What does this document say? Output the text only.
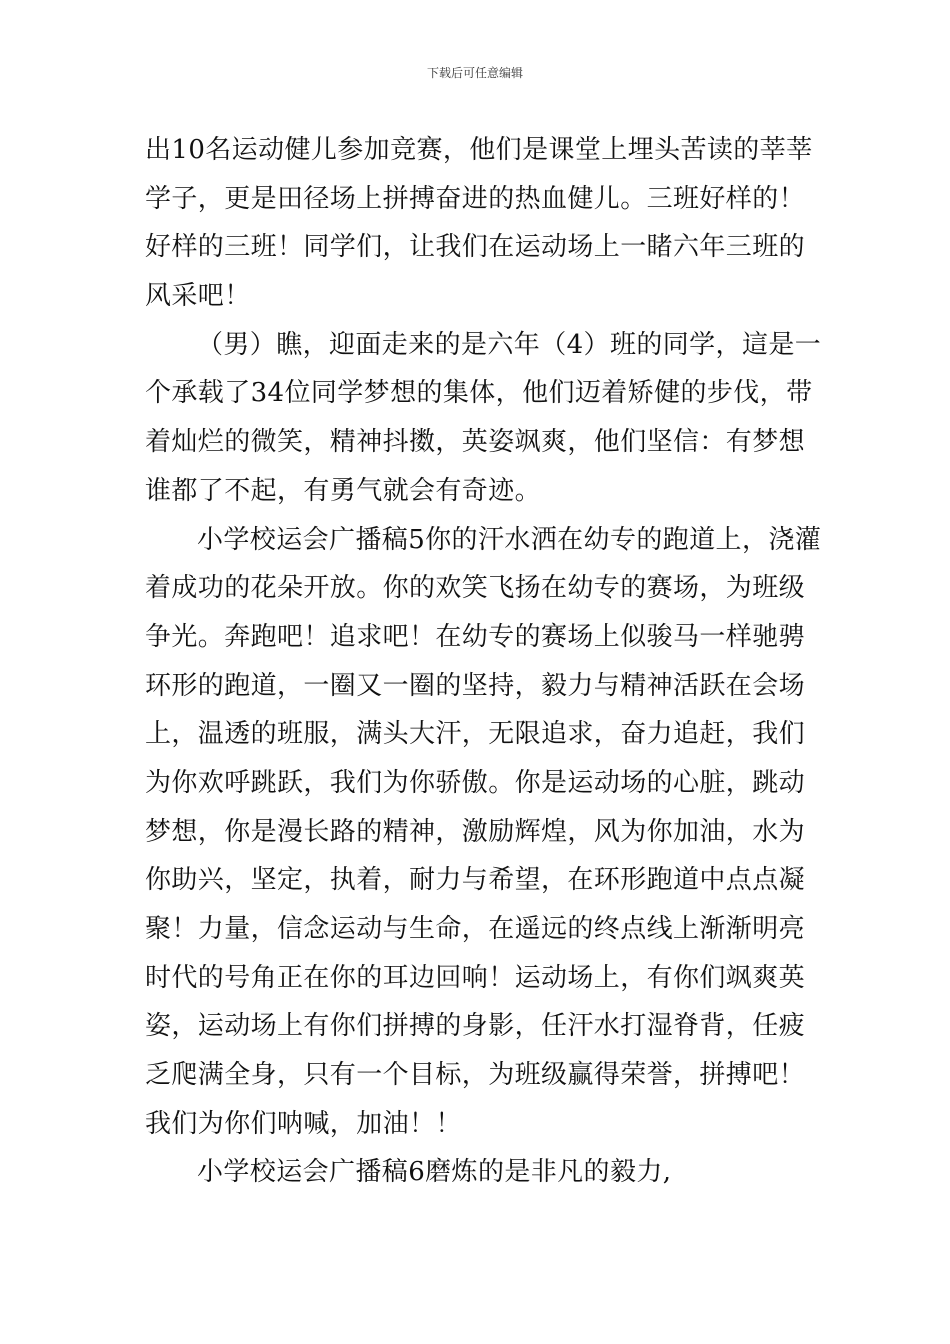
下载后可任意编辑
出10名运动健儿参加竞赛，他们是课堂上埋头苦读的莘莘
学子，更是田径场上拼搏奋进的热血健儿。三班好样的！
好样的三班！同学们，让我们在运动场上一睹六年三班的
风采吧！
（男）瞧，迎面走来的是六年（4）班的同学，這是一
个承载了34位同学梦想的集体，他们迈着矫健的步伐，带
着灿烂的微笑，精神抖擞，英姿飒爽，他们坚信：有梦想
谁都了不起，有勇气就会有奇迹。
小学校运会广播稿5你的汗水洒在幼专的跑道上，浇灌
着成功的花朵开放。你的欢笑飞扬在幼专的赛场，为班级
争光。奔跑吧！追求吧！在幼专的赛场上似骏马一样驰骋
环形的跑道，一圈又一圈的坚持，毅力与精神活跃在会场
上，温透的班服，满头大汗，无限追求，奋力追赶，我们
为你欢呼跳跃，我们为你骄傲。你是运动场的心脏，跳动
梦想，你是漫长路的精神，激励辉煌，风为你加油，水为
你助兴，坚定，执着，耐力与希望，在环形跑道中点点凝
聚！力量，信念运动与生命，在遥远的终点线上渐渐明亮
时代的号角正在你的耳边回响！运动场上，有你们飒爽英
姿，运动场上有你们拼搏的身影，任汗水打湿脊背，任疲
乏爬满全身，只有一个目标，为班级赢得荣誉，拼搏吧！
我们为你们呐喊，加油！！
小学校运会广播稿6磨炼的是非凡的毅力,
